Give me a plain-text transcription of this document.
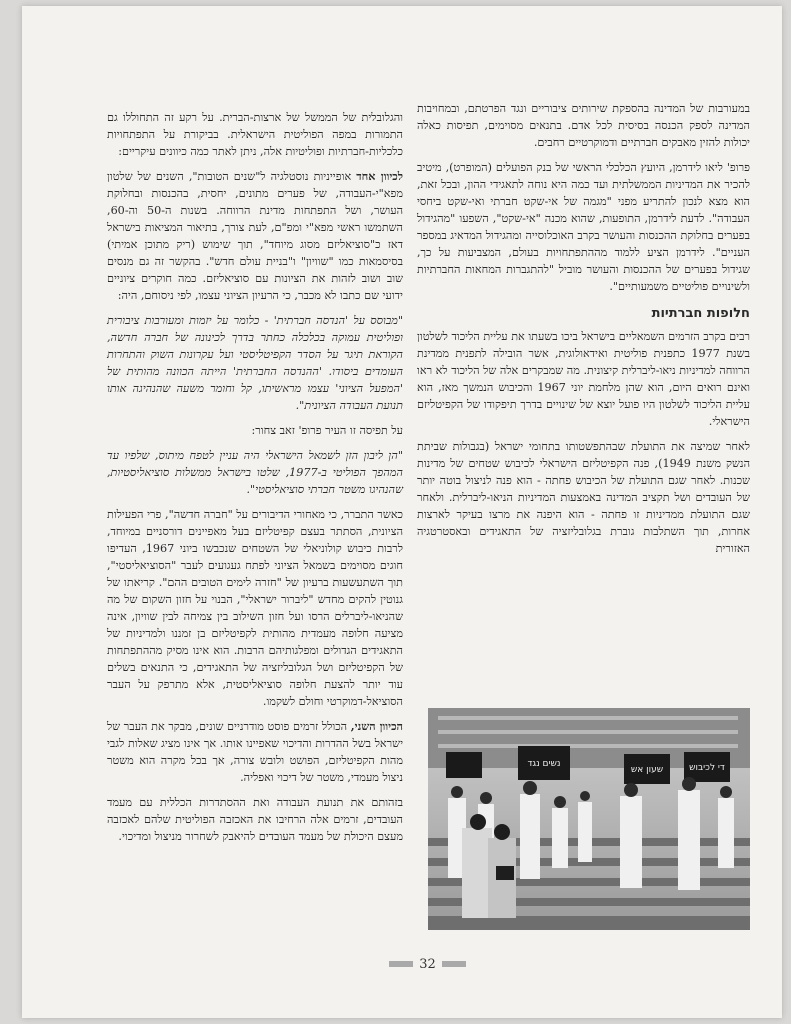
במעורבות של המדינה בהספקת שירותים ציבוריים ונגד הפרטתם, ובמחויבות המדינה לספק הכנסה בסיסית לכל אדם. בתנאים מסוימים, תפיסות כאלה יכולות להזין מאבקים חברתיים ודמוקרטיים רחבים.

פרופ' ליאו לידרמן, היועץ הכלכלי הראשי של בנק הפועלים (המופרט), מיטיב להכיר את המדיניות הממשלתית ועד כמה היא נוחה לתאגידי ההון, ובכל זאת, הוא מצא לנכון להתריע מפני "מגמה של אי-שקט חברתי ואי-שקט ביחסי העבודה". לדעת לידרמן, התופעות, שהוא מכנה "אי-שקט", השפעו "מהגידול בפערים בחלוקת ההכנסות והעושר בקרב האוכלוסייה ומהגידול המדאיג במספר העניים". לידרמן הציע ללמוד מההתפתחויות בעולם, המצביעות על כך, שגידול בפערים של ההכנסות והעושר מוביל "להתגברות המחאות החברתיות ולשינויים פוליטיים משמעותיים".

חלופות חברתיות

רבים בקרב הזרמים השמאליים בישראל ביכו בשעתו את עליית הליכוד לשלטון בשנת 1977 כתפנית פוליטית ואידאולוגית, אשר הובילה לתפנית ממדינת הרווחה למדיניות ניאו-ליברלית קיצונית. מה שמבקרים אלה של הליכוד לא ראו ואינם רואים היום, הוא שהן מלחמת יוני 1967 והכיבוש הנמשך מאז, הוא עליית הליכוד לשלטון היו פועל יוצא של שינויים בדרך תיפקודו של הקפיטליזם הישראלי.

לאחר שמיצה את התועלת שבהתפשטותו בתחומי ישראל (בגבולות שביתת הנשק משנת 1949), פנה הקפיטליזם הישראלי לכיבוש שטחים של מדינות שכנות. לאחר שגם התועלת של הכיבוש פחתה - הוא פנה לניצול בוטה יותר של העובדים ושל תקציב המדינה באמצעות המדיניות הניאו-ליברלית. ולאחר שגם התועלת ממדיניות זו פחתה - הוא היפנה את מרצו בעיקר לארצות אחרות, תוך השתלבות גוברת בגלובליזציה של התאגידים ובאסטרטגיה האזורית

והגלובלית של הממשל של ארצות-הברית. על רקע זה התחוללו גם התמורות במפה הפוליטית הישראלית. בביקורת על התפתחויות כלכליות-חברתיות ופוליטיות אלה, ניתן לאתר כמה כיוונים עיקריים:

לכיוון אחד אופייניות נוסטלגיה ל"שנים הטובות", השנים של שלטון מפא"י-העבודה, של פערים מתונים, יחסית, בהכנסות ובחלוקת העושר, ושל התפתחות מדינת הרווחה. בשנות ה-50 וה-60, השתמשו ראשי מפא"י ומפ"ם, לעת צורך, בתיאור המציאות בישראל דאז כ"סוציאליזם מסוג מיוחד", תוך שימוש (ריק מתוכן אמיתי) בסיסמאות כמו "שוויון" ו"בניית עולם חדש". בהקשר זה גם מנסים שוב ושוב לזהות את הציונות עם סוציאליזם. כמה חוקרים ציוניים ידועי שם כתבו לא מכבר, כי הרעיון הציוני עצמו, לפי ניסוחם, היה:

"מבוסס על 'הנדסה חברתית' - כלומר על יזמות ומעורבות ציבורית ופוליטית עמוקה בכלכלה כחתר בדרך לכינונה של חברה חדשה, הקוראת תיגר על הסדר הקפיטליסטי ועל עקרונות השוק והתחרות העומדים ביסודו. 'ההנדסה החברתית' הייתה הכוונה מהותית של 'המפעל הציוני' עצמו מראשיתו, קל וחומר משעה שהנהיגה אותו תנועת העבודה הציונית".

על תפיסה זו העיר פרופ' זאב צחור:

"הן ליבון הזן לשמאל הישראלי היה עניין לטפח מיתוס, שלפיו עד המהפך הפוליטי ב-1977, שלטו בישראל ממשלות סוציאליסטיות, שהנהיגו משטר חברתי סוציאליסטי".

כאשר התברר, כי מאחורי הדיבורים על "חברה חדשה", פרי הפעילות הציונית, הסתתר בעצם קפיטליזם בעל מאפיינים דורסניים במיוחד, לרבות כיבוש קולוניאלי של השטחים שנכבשו ביוני 1967, העדיפו חוגים מסוימים בשמאל הציוני לפתח געגועים לעבר "הסוציאליסטי", תוך השתעשעות ברעיון של "חזרה לימים הטובים ההם". קריאתו של גנוטין להקים מחדש "ליברור ישראלי", הבנוי על חזון השקום של מה שהניאו-ליברלים הרסו ועל חזון השילוב בין צמיחה לבין שוויון, אינה מציעה חלופה מעמדית מהותית לקפיטליזם בן זמננו ולמדיניות של התאגידים הגדולים ומפלגותיהם הרבות. הוא אינו מסיק מההתפתחות של הקפיטליזם ושל הגלובליזציה של התאגידים, כי התנאים בשלים עוד יותר להצעת חלופה סוציאליסטית, אלא מתרפק על העבר הסוציאל-דמוקרטי וחולם לשקמו.

הכיוון השני, הכולל זרמים פוסט מודרניים שונים, מבקר את העבר של ישראל בשל ההדרות והדיכוי שאפיינו אותו. אך אינו מציג שאלות לגבי מהות הקפיטליזם, הפושט ולובש צורה, אך בכל מקרה הוא משטר ניצול מעמדי, משטר של דיכוי ואפליה.

בזהותם את תנועת העבודה ואת ההסתדרות הכללית עם מעמד העובדים, זרמים אלה הרחיבו את האכזבה הפוליטית שלהם לאכזבה מעצם היכולת של מעמד העובדים להיאבק לשחרור מניצול ומדיכוי.

נשים נגד
שעון אש	די לכיבוש
32
